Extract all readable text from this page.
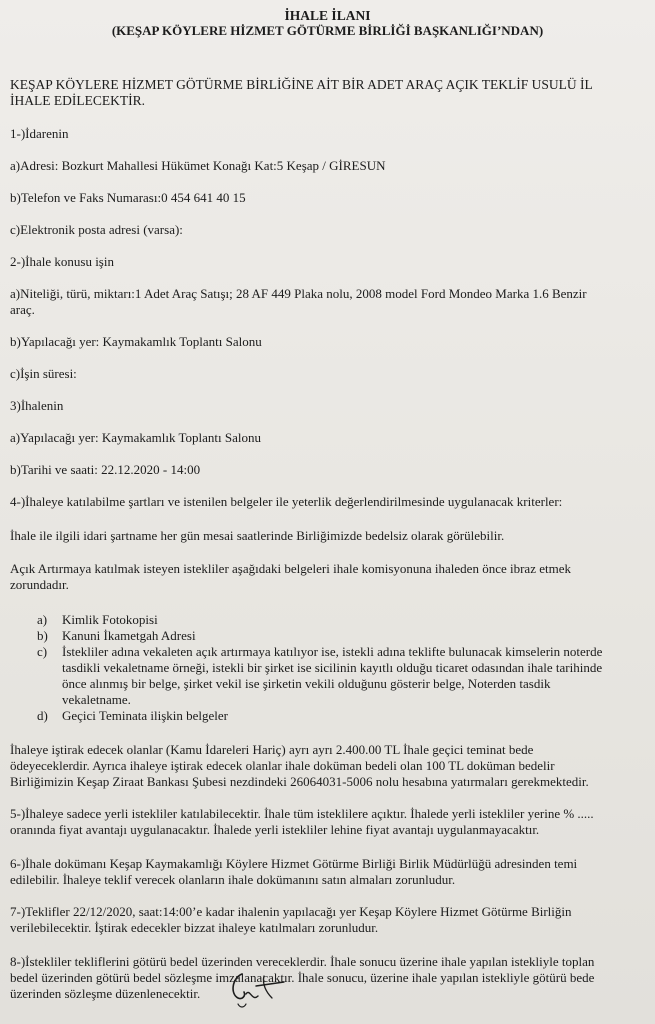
İHALE İLANI
(KEŞAP KÖYLERE HİZMET GÖTÜRME BİRLİĞİ BAŞKANLIĞI’NDAN)
KEŞAP KÖYLERE HİZMET GÖTÜRME BİRLİĞİNE AİT BİR ADET ARAÇ AÇIK TEKLİF USULÜ İL
İHALE EDİLECEKTİR.
1-)İdarenin
a)Adresi: Bozkurt Mahallesi Hükümet Konağı Kat:5 Keşap / GİRESUN
b)Telefon ve Faks Numarası:0 454 641 40 15
c)Elektronik posta adresi (varsa):
2-)İhale konusu işin
a)Niteliği, türü, miktarı:1 Adet Araç Satışı; 28 AF 449 Plaka nolu, 2008 model Ford Mondeo Marka 1.6 Benzir
araç.
b)Yapılacağı yer: Kaymakamlık Toplantı Salonu
c)İşin süresi:
3)İhalenin
a)Yapılacağı yer: Kaymakamlık Toplantı Salonu
b)Tarihi ve saati: 22.12.2020 - 14:00
4-)İhaleye katılabilme şartları ve istenilen belgeler ile yeterlik değerlendirilmesinde uygulanacak kriterler:
İhale ile ilgili idari şartname her gün mesai saatlerinde Birliğimizde bedelsiz olarak görülebilir.
Açık Artırmaya katılmak isteyen istekliler aşağıdaki belgeleri ihale komisyonuna ihaleden önce ibraz etmek
zorundadır.
a) Kimlik Fotokopisi
b) Kanuni İkametgah Adresi
c) İstekliler adına vekaleten açık artırmaya katılıyor ise, istekli adına teklifte bulunacak kimselerin noterde
tasdikli vekaletname örneği, istekli bir şirket ise sicilinin kayıtlı olduğu ticaret odasından ihale tarihinde
önce alınmış bir belge, şirket vekil ise şirketin vekili olduğunu gösterir belge, Noterden tasdik
vekaletname.
d) Geçici Teminata ilişkin belgeler
İhaleye iştirak edecek olanlar (Kamu İdareleri Hariç) ayrı ayrı 2.400.00 TL İhale geçici teminat bede
ödeyeceklerdir. Ayrıca ihaleye iştirak edecek olanlar ihale doküman bedeli olan 100 TL doküman bedelir
Birliğimizin Keşap Ziraat Bankası Şubesi nezdindeki 26064031-5006 nolu hesabına yatırmaları gerekmektedir.
5-)İhaleye sadece yerli istekliler katılabilecektir. İhale tüm isteklilere açıktır. İhalede yerli istekliler yerine % .....
oranında fiyat avantajı uygulanacaktır. İhalede yerli istekliler lehine fiyat avantajı uygulanmayacaktır.
6-)İhale dokümanı Keşap Kaymakamlığı Köylere Hizmet Götürme Birliği Birlik Müdürlüğü adresinden temi
edilebilir. İhaleye teklif verecek olanların ihale dokümanını satın almaları zorunludur.
7-)Teklifler 22/12/2020, saat:14:00’e kadar ihalenin yapılacağı yer Keşap Köylere Hizmet Götürme Birliğin
verilebilecektir. İştirak edecekler bizzat ihaleye katılmaları zorunludur.
8-)İstekliler tekliflerini götürü bedel üzerinden vereceklerdir. İhale sonucu üzerine ihale yapılan istekliyle toplan
bedel üzerinden götürü bedel sözleşme imzalanacaktır. İhale sonucu, üzerine ihale yapılan istekliyle götürü bede
üzerinden sözleşme düzenlenecektir.
